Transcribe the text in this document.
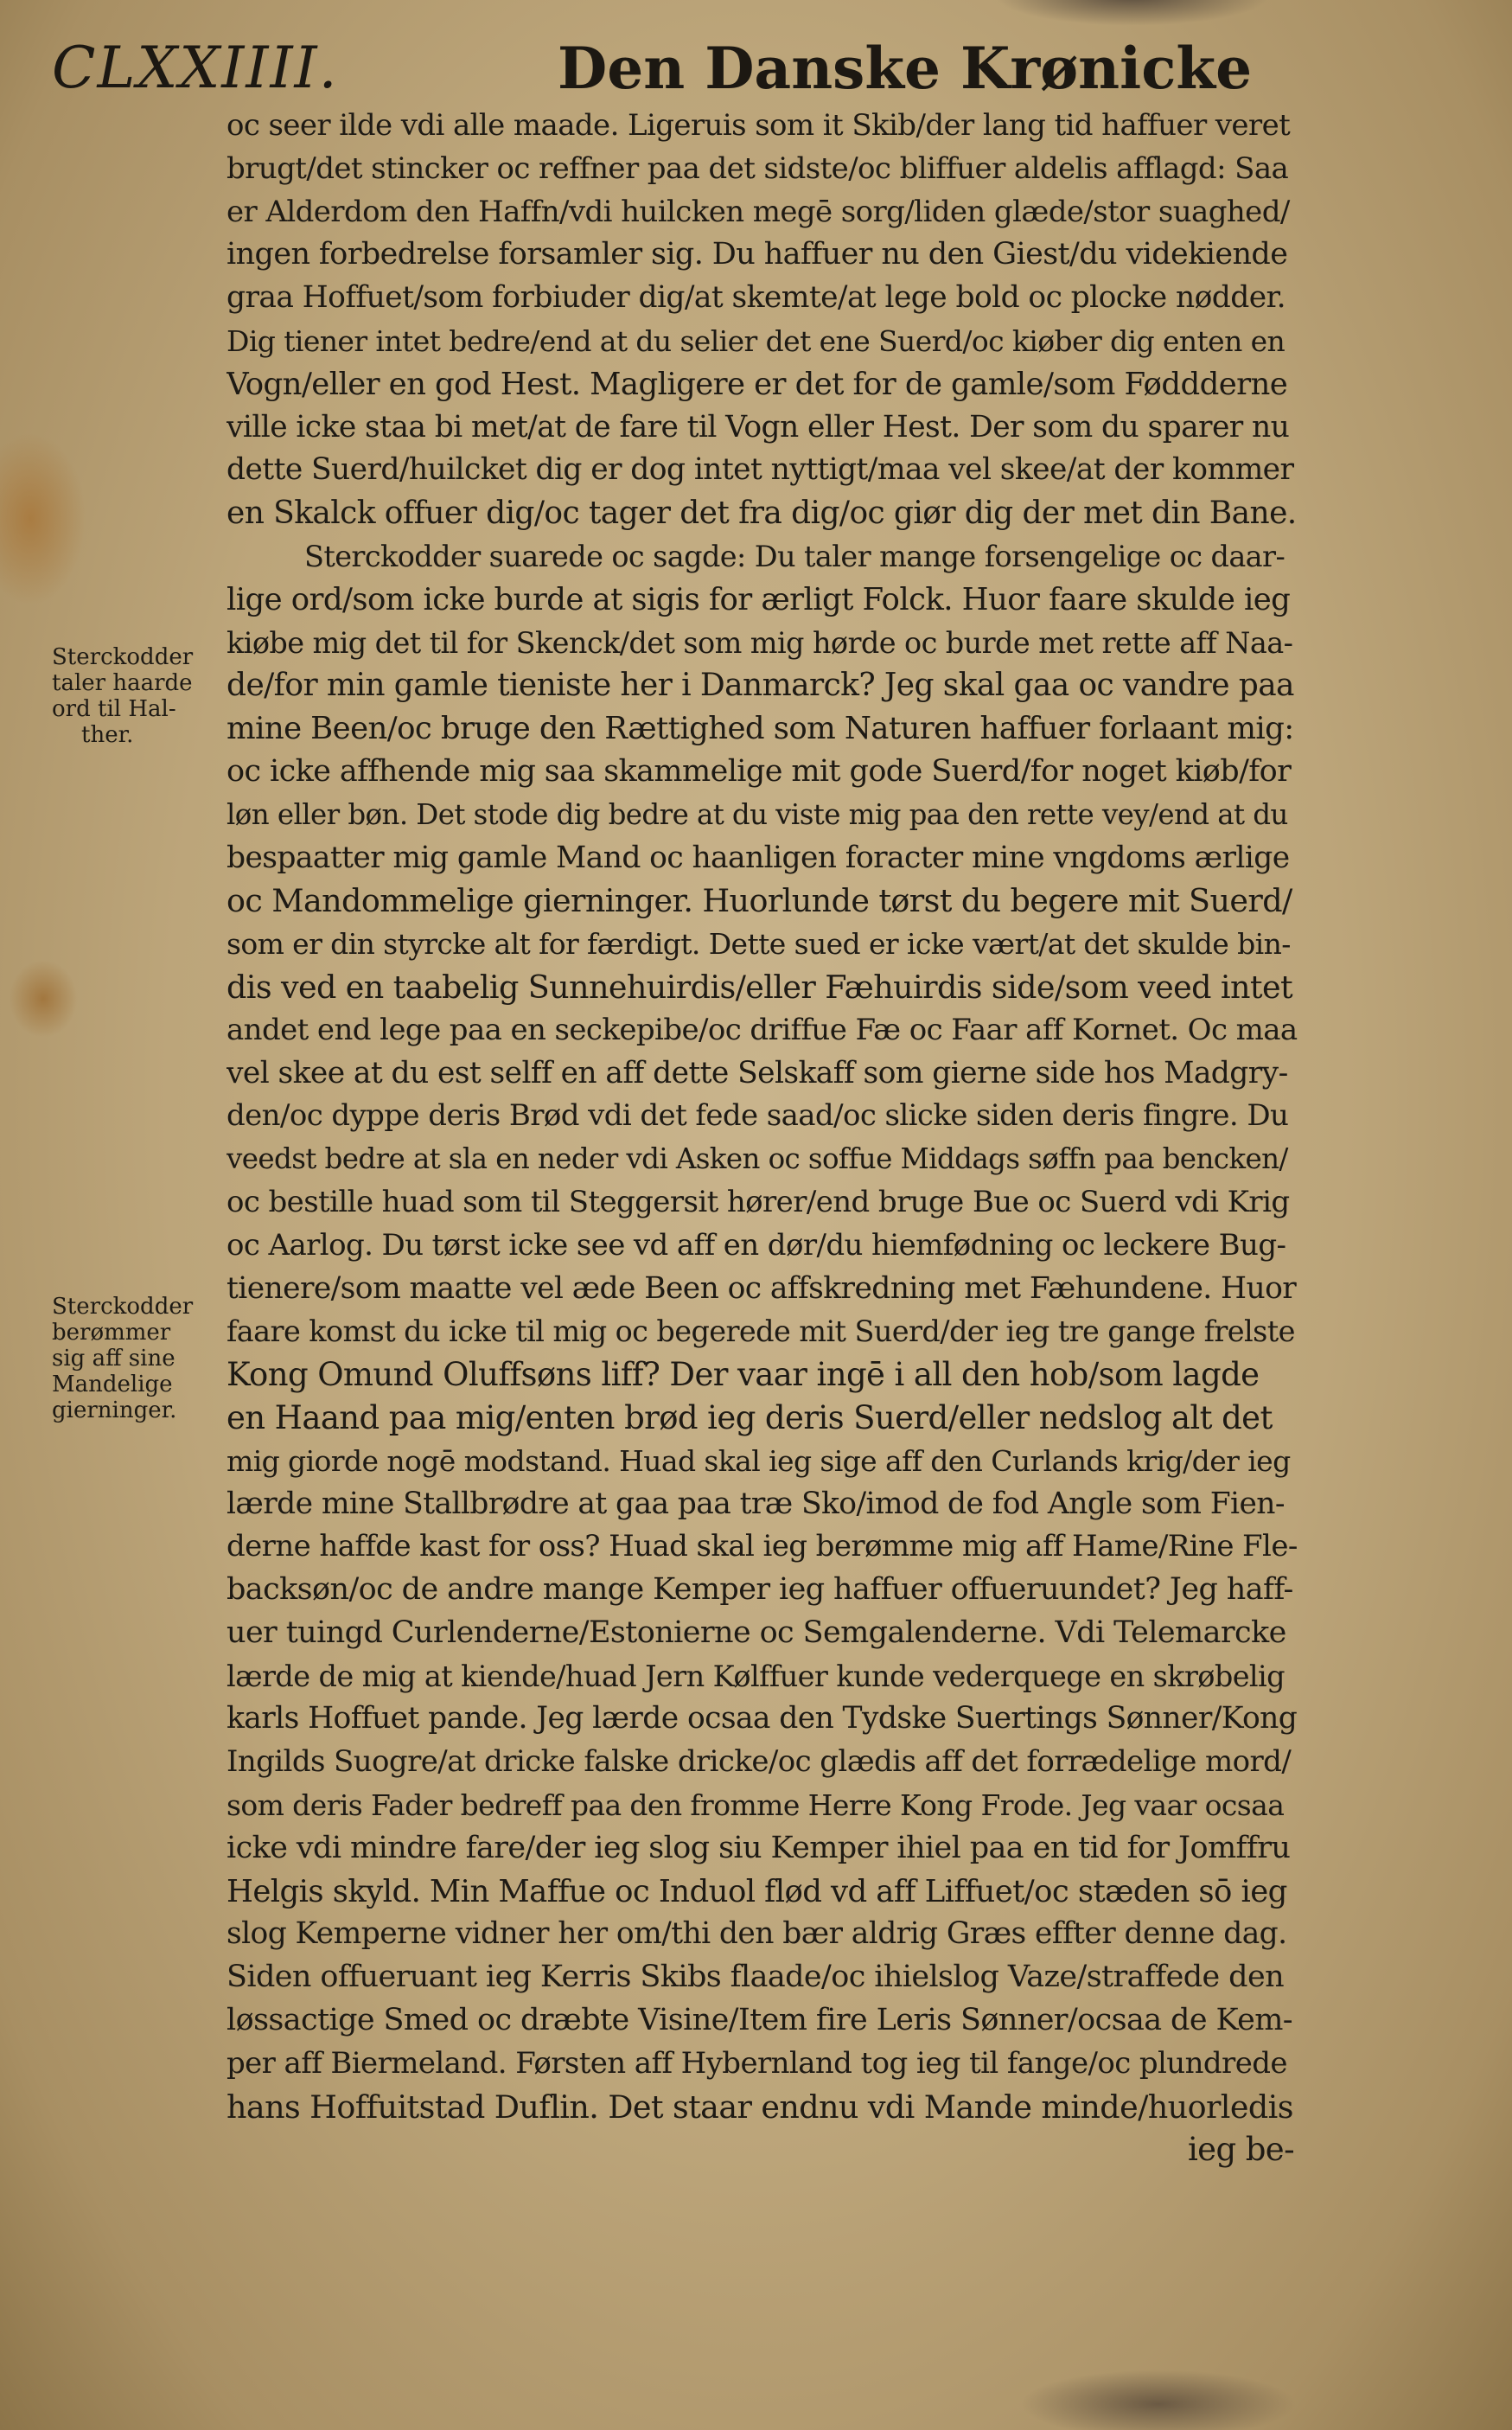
CLXXIIII.	Den Danske Krønicke
Sterckodder
taler haarde
ord til Hal-
ther.
Sterckodder
berømmer
sig aff sine
Mandelige
gierninger.
oc seer ilde vdi alle maade. Ligeruis som it Skib/der lang tid haffuer veret
brugt/det stincker oc reffner paa det sidste/oc bliffuer aldelis afflagd: Saa
er Alderdom den Haffn/vdi huilcken megē sorg/liden glæde/stor suaghed/
ingen forbedrelse forsamler sig. Du haffuer nu den Giest/du videkiende
graa Hoffuet/som forbiuder dig/at skemte/at lege bold oc plocke nødder.
Dig tiener intet bedre/end at du selier det ene Suerd/oc kiøber dig enten en
Vogn/eller en god Hest. Magligere er det for de gamle/som Føddderne
ville icke staa bi met/at de fare til Vogn eller Hest. Der som du sparer nu
dette Suerd/huilcket dig er dog intet nyttigt/maa vel skee/at der kommer
en Skalck offuer dig/oc tager det fra dig/oc giør dig der met din Bane.
Sterckodder suarede oc sagde: Du taler mange forsengelige oc daar-
lige ord/som icke burde at sigis for ærligt Folck. Huor faare skulde ieg
kiøbe mig det til for Skenck/det som mig hørde oc burde met rette aff Naa-
de/for min gamle tieniste her i Danmarck? Jeg skal gaa oc vandre paa
mine Been/oc bruge den Rættighed som Naturen haffuer forlaant mig:
oc icke affhende mig saa skammelige mit gode Suerd/for noget kiøb/for
løn eller bøn. Det stode dig bedre at du viste mig paa den rette vey/end at du
bespaatter mig gamle Mand oc haanligen foracter mine vngdoms ærlige
oc Mandommelige gierninger. Huorlunde tørst du begere mit Suerd/
som er din styrcke alt for færdigt. Dette sued er icke vært/at det skulde bin-
dis ved en taabelig Sunnehuirdis/eller Fæhuirdis side/som veed intet
andet end lege paa en seckepibe/oc driffue Fæ oc Faar aff Kornet. Oc maa
vel skee at du est selff en aff dette Selskaff som gierne side hos Madgry-
den/oc dyppe deris Brød vdi det fede saad/oc slicke siden deris fingre. Du
veedst bedre at sla en neder vdi Asken oc soffue Middags søffn paa bencken/
oc bestille huad som til Steggersit hører/end bruge Bue oc Suerd vdi Krig
oc Aarlog. Du tørst icke see vd aff en dør/du hiemfødning oc leckere Bug-
tienere/som maatte vel æde Been oc affskredning met Fæhundene. Huor
faare komst du icke til mig oc begerede mit Suerd/der ieg tre gange frelste
Kong Omund Oluffsøns liff? Der vaar ingē i all den hob/som lagde
en Haand paa mig/enten brød ieg deris Suerd/eller nedslog alt det
mig giorde nogē modstand. Huad skal ieg sige aff den Curlands krig/der ieg
lærde mine Stallbrødre at gaa paa træ Sko/imod de fod Angle som Fien-
derne haffde kast for oss? Huad skal ieg berømme mig aff Hame/Rine Fle-
backsøn/oc de andre mange Kemper ieg haffuer offueruundet? Jeg haff-
uer tuingd Curlenderne/Estonierne oc Semgalenderne. Vdi Telemarcke
lærde de mig at kiende/huad Jern Kølffuer kunde vederquege en skrøbelig
karls Hoffuet pande. Jeg lærde ocsaa den Tydske Suertings Sønner/Kong
Ingilds Suogre/at dricke falske dricke/oc glædis aff det forrædelige mord/
som deris Fader bedreff paa den fromme Herre Kong Frode. Jeg vaar ocsaa
icke vdi mindre fare/der ieg slog siu Kemper ihiel paa en tid for Jomffru
Helgis skyld. Min Maffue oc Induol flød vd aff Liffuet/oc stæden sō ieg
slog Kemperne vidner her om/thi den bær aldrig Græs effter denne dag.
Siden offueruant ieg Kerris Skibs flaade/oc ihielslog Vaze/straffede den
løssactige Smed oc dræbte Visine/Item fire Leris Sønner/ocsaa de Kem-
per aff Biermeland. Førsten aff Hybernland tog ieg til fange/oc plundrede
hans Hoffuitstad Duflin. Det staar endnu vdi Mande minde/huorledis
ieg be-
